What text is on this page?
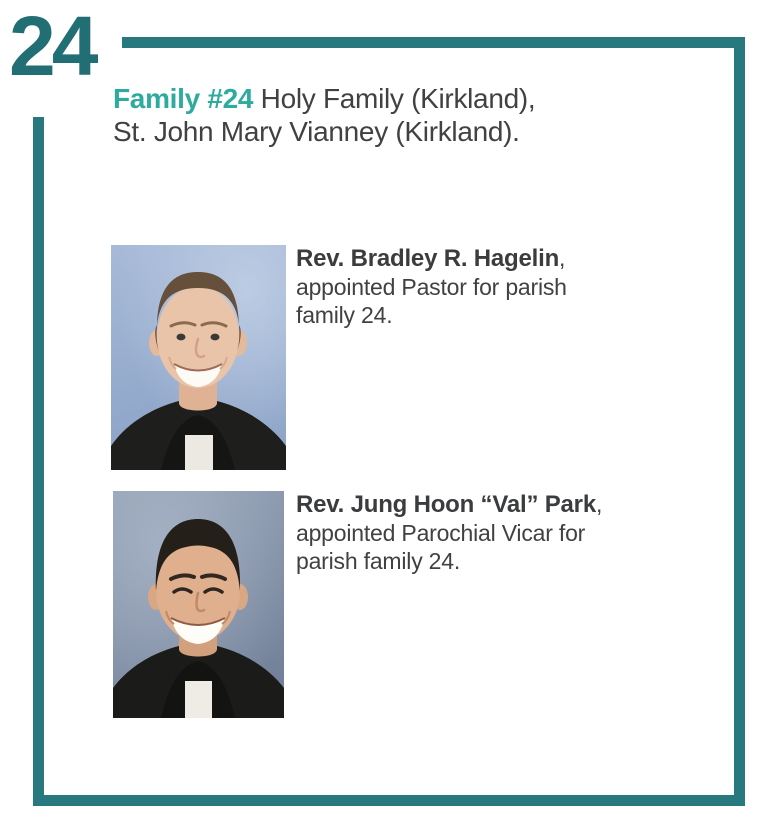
24
Family #24 Holy Family (Kirkland),
St. John Mary Vianney (Kirkland).
Rev. Bradley R. Hagelin,
appointed Pastor for parish
family 24.
Rev. Jung Hoon “Val” Park,
appointed Parochial Vicar for
parish family 24.
